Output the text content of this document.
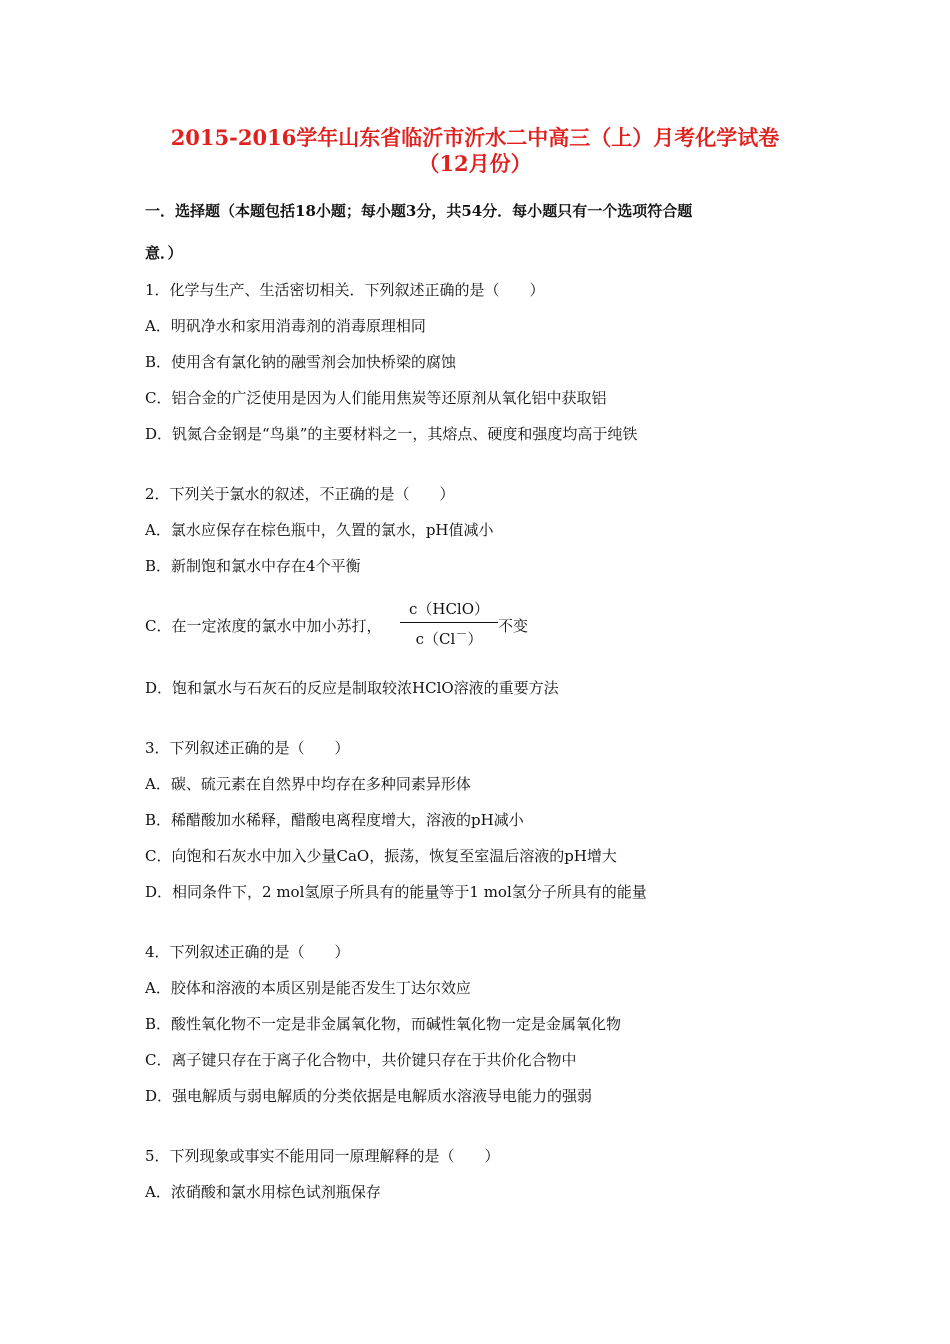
2015-2016学年山东省临沂市沂水二中高三（上）月考化学试卷
（12月份）
一．选择题（本题包括18小题；每小题3分，共54分．每小题只有一个选项符合题
意．）
1．化学与生产、生活密切相关．下列叙述正确的是（　　）
A．明矾净水和家用消毒剂的消毒原理相同
B．使用含有氯化钠的融雪剂会加快桥梁的腐蚀
C．铝合金的广泛使用是因为人们能用焦炭等还原剂从氧化铝中获取铝
D．钒氮合金钢是“鸟巢”的主要材料之一，其熔点、硬度和强度均高于纯铁
2．下列关于氯水的叙述，不正确的是（　　）
A．氯水应保存在棕色瓶中，久置的氯水，pH值减小
B．新制饱和氯水中存在4个平衡
C．在一定浓度的氯水中加小苏打，
c（HClO）
c（Cl－）
不变
D．饱和氯水与石灰石的反应是制取较浓HClO溶液的重要方法
3．下列叙述正确的是（　　）
A．碳、硫元素在自然界中均存在多种同素异形体
B．稀醋酸加水稀释，醋酸电离程度增大，溶液的pH减小
C．向饱和石灰水中加入少量CaO，振荡，恢复至室温后溶液的pH增大
D．相同条件下，2 mol氢原子所具有的能量等于1 mol氢分子所具有的能量
4．下列叙述正确的是（　　）
A．胶体和溶液的本质区别是能否发生丁达尔效应
B．酸性氧化物不一定是非金属氧化物，而碱性氧化物一定是金属氧化物
C．离子键只存在于离子化合物中，共价键只存在于共价化合物中
D．强电解质与弱电解质的分类依据是电解质水溶液导电能力的强弱
5．下列现象或事实不能用同一原理解释的是（　　）
A．浓硝酸和氯水用棕色试剂瓶保存
